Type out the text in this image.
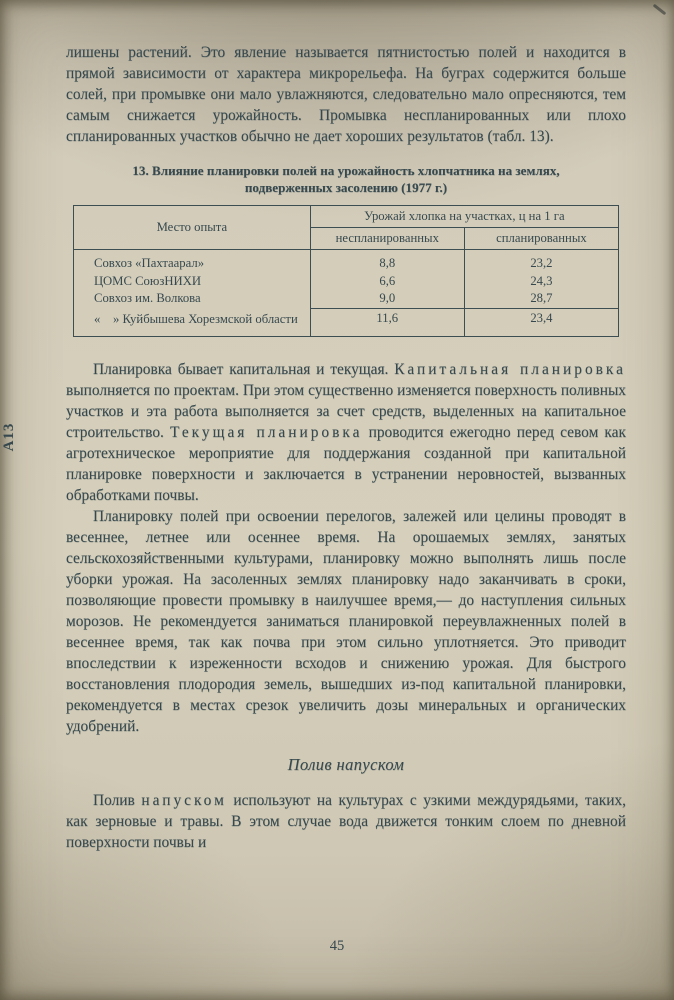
А13

лишены растений. Это явление называется пятнистостью полей и находится в прямой зависимости от характера микрорельефа. На буграх содержится больше солей, при промывке они мало увлажняются, следовательно мало опресняются, тем самым снижается урожайность. Промывка неспланированных или плохо спланированных участков обычно не дает хороших результатов (табл. 13).

13. Влияние планировки полей на урожайность хлопчатника на землях, подверженных засолению (1977 г.)
Место опыта	Урожай хлопка на участках, ц на 1 га	
	неспланированных	спланированных
Совхоз «Пахтаарал»	8,8	23,2
ЦОМС СоюзНИХИ	6,6	24,3
Совхоз им. Волкова	9,0	28,7
«    » Куйбышева Хорезмской области	11,6	23,4

Планировка бывает капитальная и текущая. Капитальная планировка выполняется по проектам. При этом существенно изменяется поверхность поливных участков и эта работа выполняется за счет средств, выделенных на капитальное строительство. Текущая планировка проводится ежегодно перед севом как агротехническое мероприятие для поддержания созданной при капитальной планировке поверхности и заключается в устранении неровностей, вызванных обработками почвы.

Планировку полей при освоении перелогов, залежей или целины проводят в весеннее, летнее или осеннее время. На орошаемых землях, занятых сельскохозяйственными культурами, планировку можно выполнять лишь после уборки урожая. На засоленных землях планировку надо заканчивать в сроки, позволяющие провести промывку в наилучшее время,— до наступления сильных морозов. Не рекомендуется заниматься планировкой переувлажненных полей в весеннее время, так как почва при этом сильно уплотняется. Это приводит впоследствии к изреженности всходов и снижению урожая. Для быстрого восстановления плодородия земель, вышедших из-под капитальной планировки, рекомендуется в местах срезок увеличить дозы минеральных и органических удобрений.

Полив напуском

Полив напуском используют на культурах с узкими междурядьями, таких, как зерновые и травы. В этом случае вода движется тонким слоем по дневной поверхности почвы и

45
